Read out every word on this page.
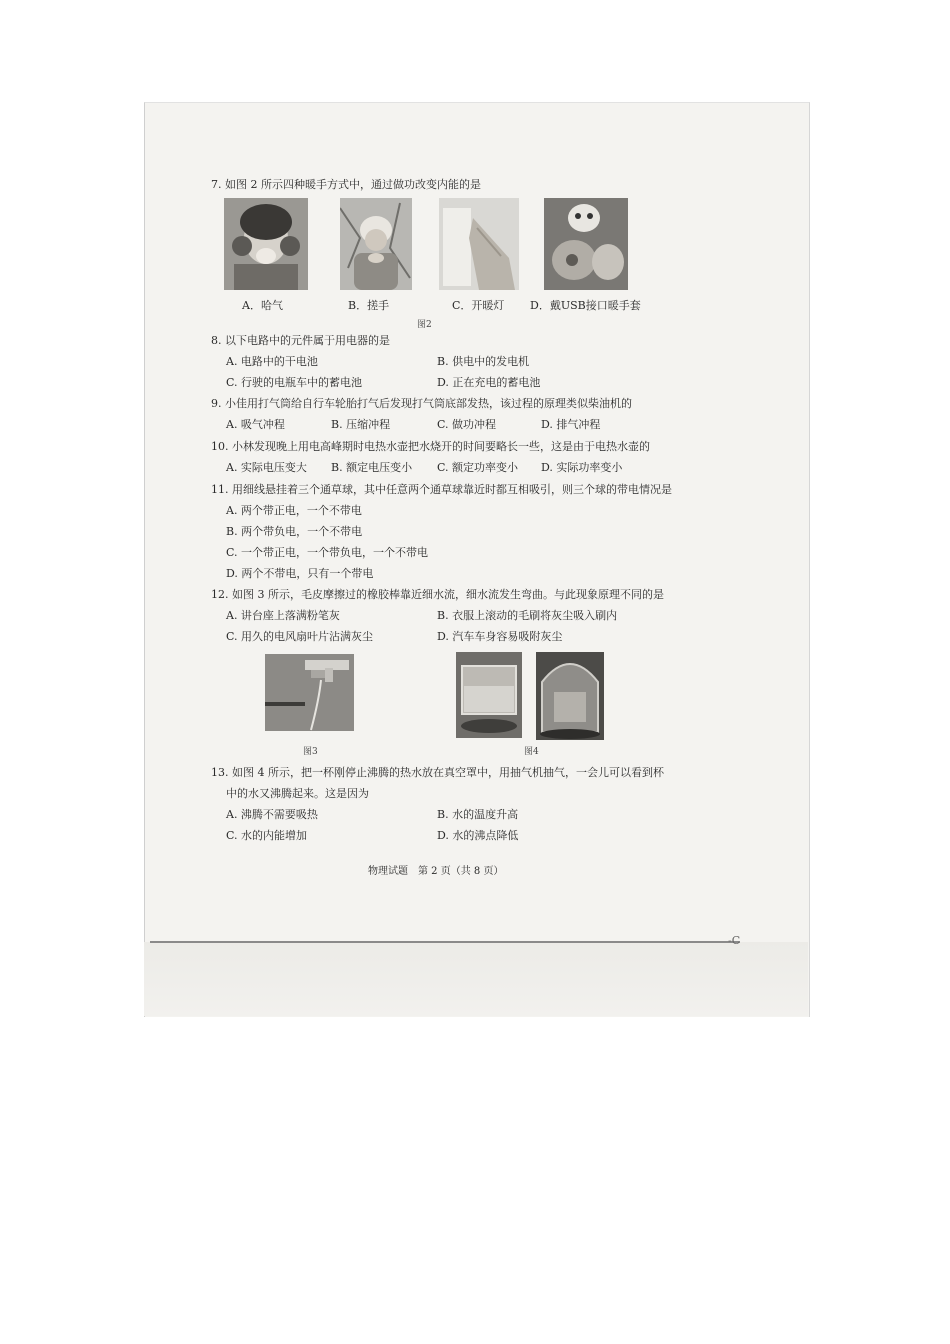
-C
7. 如图 2 所示四种暖手方式中，通过做功改变内能的是
A．哈气	B．搓手	C．开暖灯 D．戴USB接口暖手套
图2
8. 以下电路中的元件属于用电器的是
A. 电路中的干电池	B. 供电中的发电机
C. 行驶的电瓶车中的蓄电池	D. 正在充电的蓄电池
9. 小佳用打气筒给自行车轮胎打气后发现打气筒底部发热，该过程的原理类似柴油机的
A. 吸气冲程	B. 压缩冲程	C. 做功冲程	D. 排气冲程
10. 小林发现晚上用电高峰期时电热水壶把水烧开的时间要略长一些，这是由于电热水壶的
A. 实际电压变大 B. 额定电压变小 C. 额定功率变小 D. 实际功率变小
11. 用细线悬挂着三个通草球，其中任意两个通草球靠近时都互相吸引，则三个球的带电情况是
A. 两个带正电，一个不带电
B. 两个带负电，一个不带电
C. 一个带正电，一个带负电，一个不带电
D. 两个不带电，只有一个带电
12. 如图 3 所示，毛皮摩擦过的橡胶棒靠近细水流，细水流发生弯曲。与此现象原理不同的是
A. 讲台座上落满粉笔灰	B. 衣服上滚动的毛刷将灰尘吸入刷内
C. 用久的电风扇叶片沾满灰尘	D. 汽车车身容易吸附灰尘
图3	图4
13. 如图 4 所示，把一杯刚停止沸腾的热水放在真空罩中，用抽气机抽气，一会儿可以看到杯
中的水又沸腾起来。这是因为
A. 沸腾不需要吸热	B. 水的温度升高
C. 水的内能增加	D. 水的沸点降低
物理试题　第 2 页（共 8 页）
